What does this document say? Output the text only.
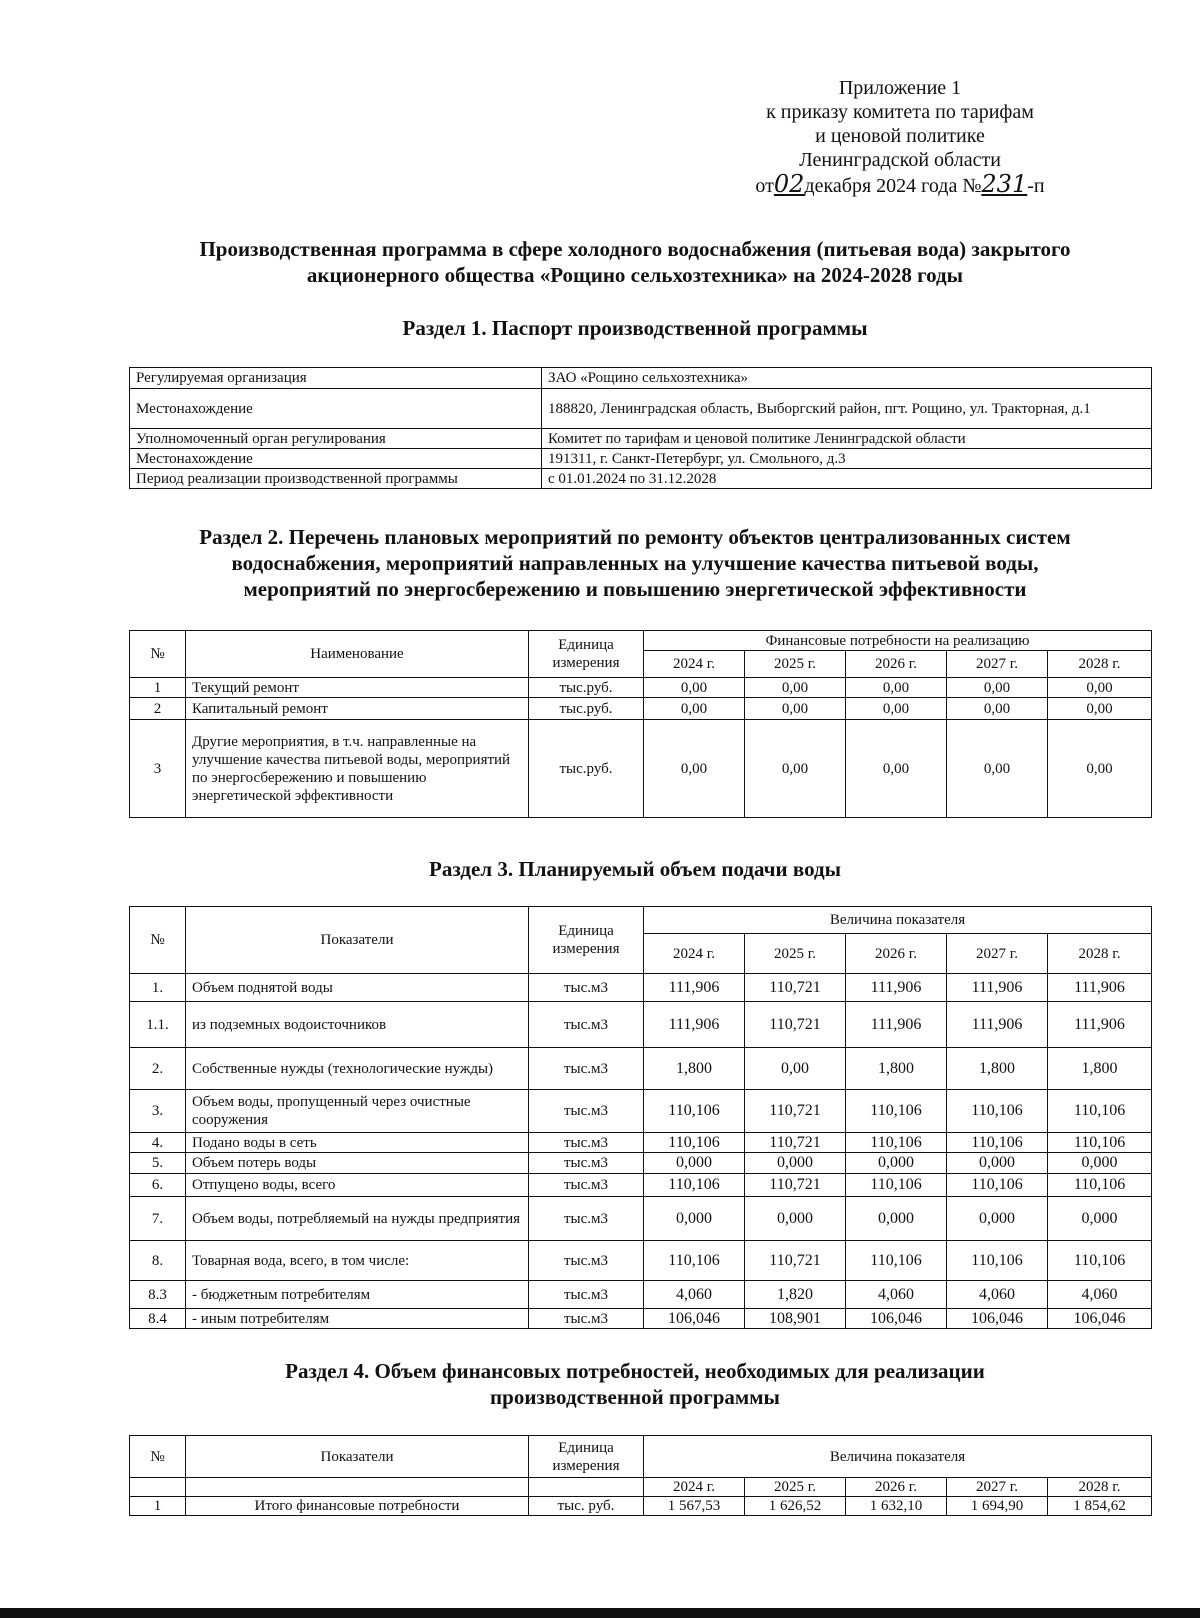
Приложение 1
к приказу комитета по тарифам
и ценовой политике
Ленинградской области
от02декабря 2024 года №231-п
Производственная программа в сфере холодного водоснабжения (питьевая вода) закрытого
акционерного общества «Рощино сельхозтехника» на 2024-2028 годы
Раздел 1. Паспорт производственной программы
Регулируемая организация	ЗАО «Рощино сельхозтехника»
Местонахождение	188820, Ленинградская область, Выборгский район, пгт. Рощино, ул. Тракторная, д.1
Уполномоченный орган регулирования	Комитет по тарифам и ценовой политике Ленинградской области
Местонахождение	191311, г. Санкт-Петербург, ул. Смольного, д.3
Период реализации производственной программы	с 01.01.2024 по 31.12.2028
Раздел 2. Перечень плановых мероприятий по ремонту объектов централизованных систем
водоснабжения, мероприятий направленных на улучшение качества питьевой воды,
мероприятий по энергосбережению и повышению энергетической эффективности
№	Наименование	Единица измерения	Финансовые потребности на реализацию				
			2024 г.	2025 г.	2026 г.	2027 г.	2028 г.
1	Текущий ремонт	тыс.руб.	0,00	0,00	0,00	0,00	0,00
2	Капитальный ремонт	тыс.руб.	0,00	0,00	0,00	0,00	0,00
3	Другие мероприятия, в т.ч. направленные на улучшение качества питьевой воды, мероприятий по энергосбережению и повышению энергетической эффективности	тыс.руб.	0,00	0,00	0,00	0,00	0,00
Раздел 3. Планируемый объем подачи воды
№	Показатели	Единица измерения	Величина показателя				
			2024 г.	2025 г.	2026 г.	2027 г.	2028 г.
1.	Объем поднятой воды	тыс.м3	111,906	110,721	111,906	111,906	111,906
1.1.	из подземных водоисточников	тыс.м3	111,906	110,721	111,906	111,906	111,906
2.	Собственные нужды (технологические нужды)	тыс.м3	1,800	0,00	1,800	1,800	1,800
3.	Объем воды, пропущенный через очистные сооружения	тыс.м3	110,106	110,721	110,106	110,106	110,106
4.	Подано воды в сеть	тыс.м3	110,106	110,721	110,106	110,106	110,106
5.	Объем потерь воды	тыс.м3	0,000	0,000	0,000	0,000	0,000
6.	Отпущено воды, всего	тыс.м3	110,106	110,721	110,106	110,106	110,106
7.	Объем воды, потребляемый на нужды предприятия	тыс.м3	0,000	0,000	0,000	0,000	0,000
8.	Товарная вода, всего, в том числе:	тыс.м3	110,106	110,721	110,106	110,106	110,106
8.3	- бюджетным потребителям	тыс.м3	4,060	1,820	4,060	4,060	4,060
8.4	- иным потребителям	тыс.м3	106,046	108,901	106,046	106,046	106,046
Раздел 4. Объем финансовых потребностей, необходимых для реализации
производственной программы
№	Показатели	Единица измерения	Величина показателя				
			2024 г.	2025 г.	2026 г.	2027 г.	2028 г.
1	Итого финансовые потребности	тыс. руб.	1 567,53	1 626,52	1 632,10	1 694,90	1 854,62
